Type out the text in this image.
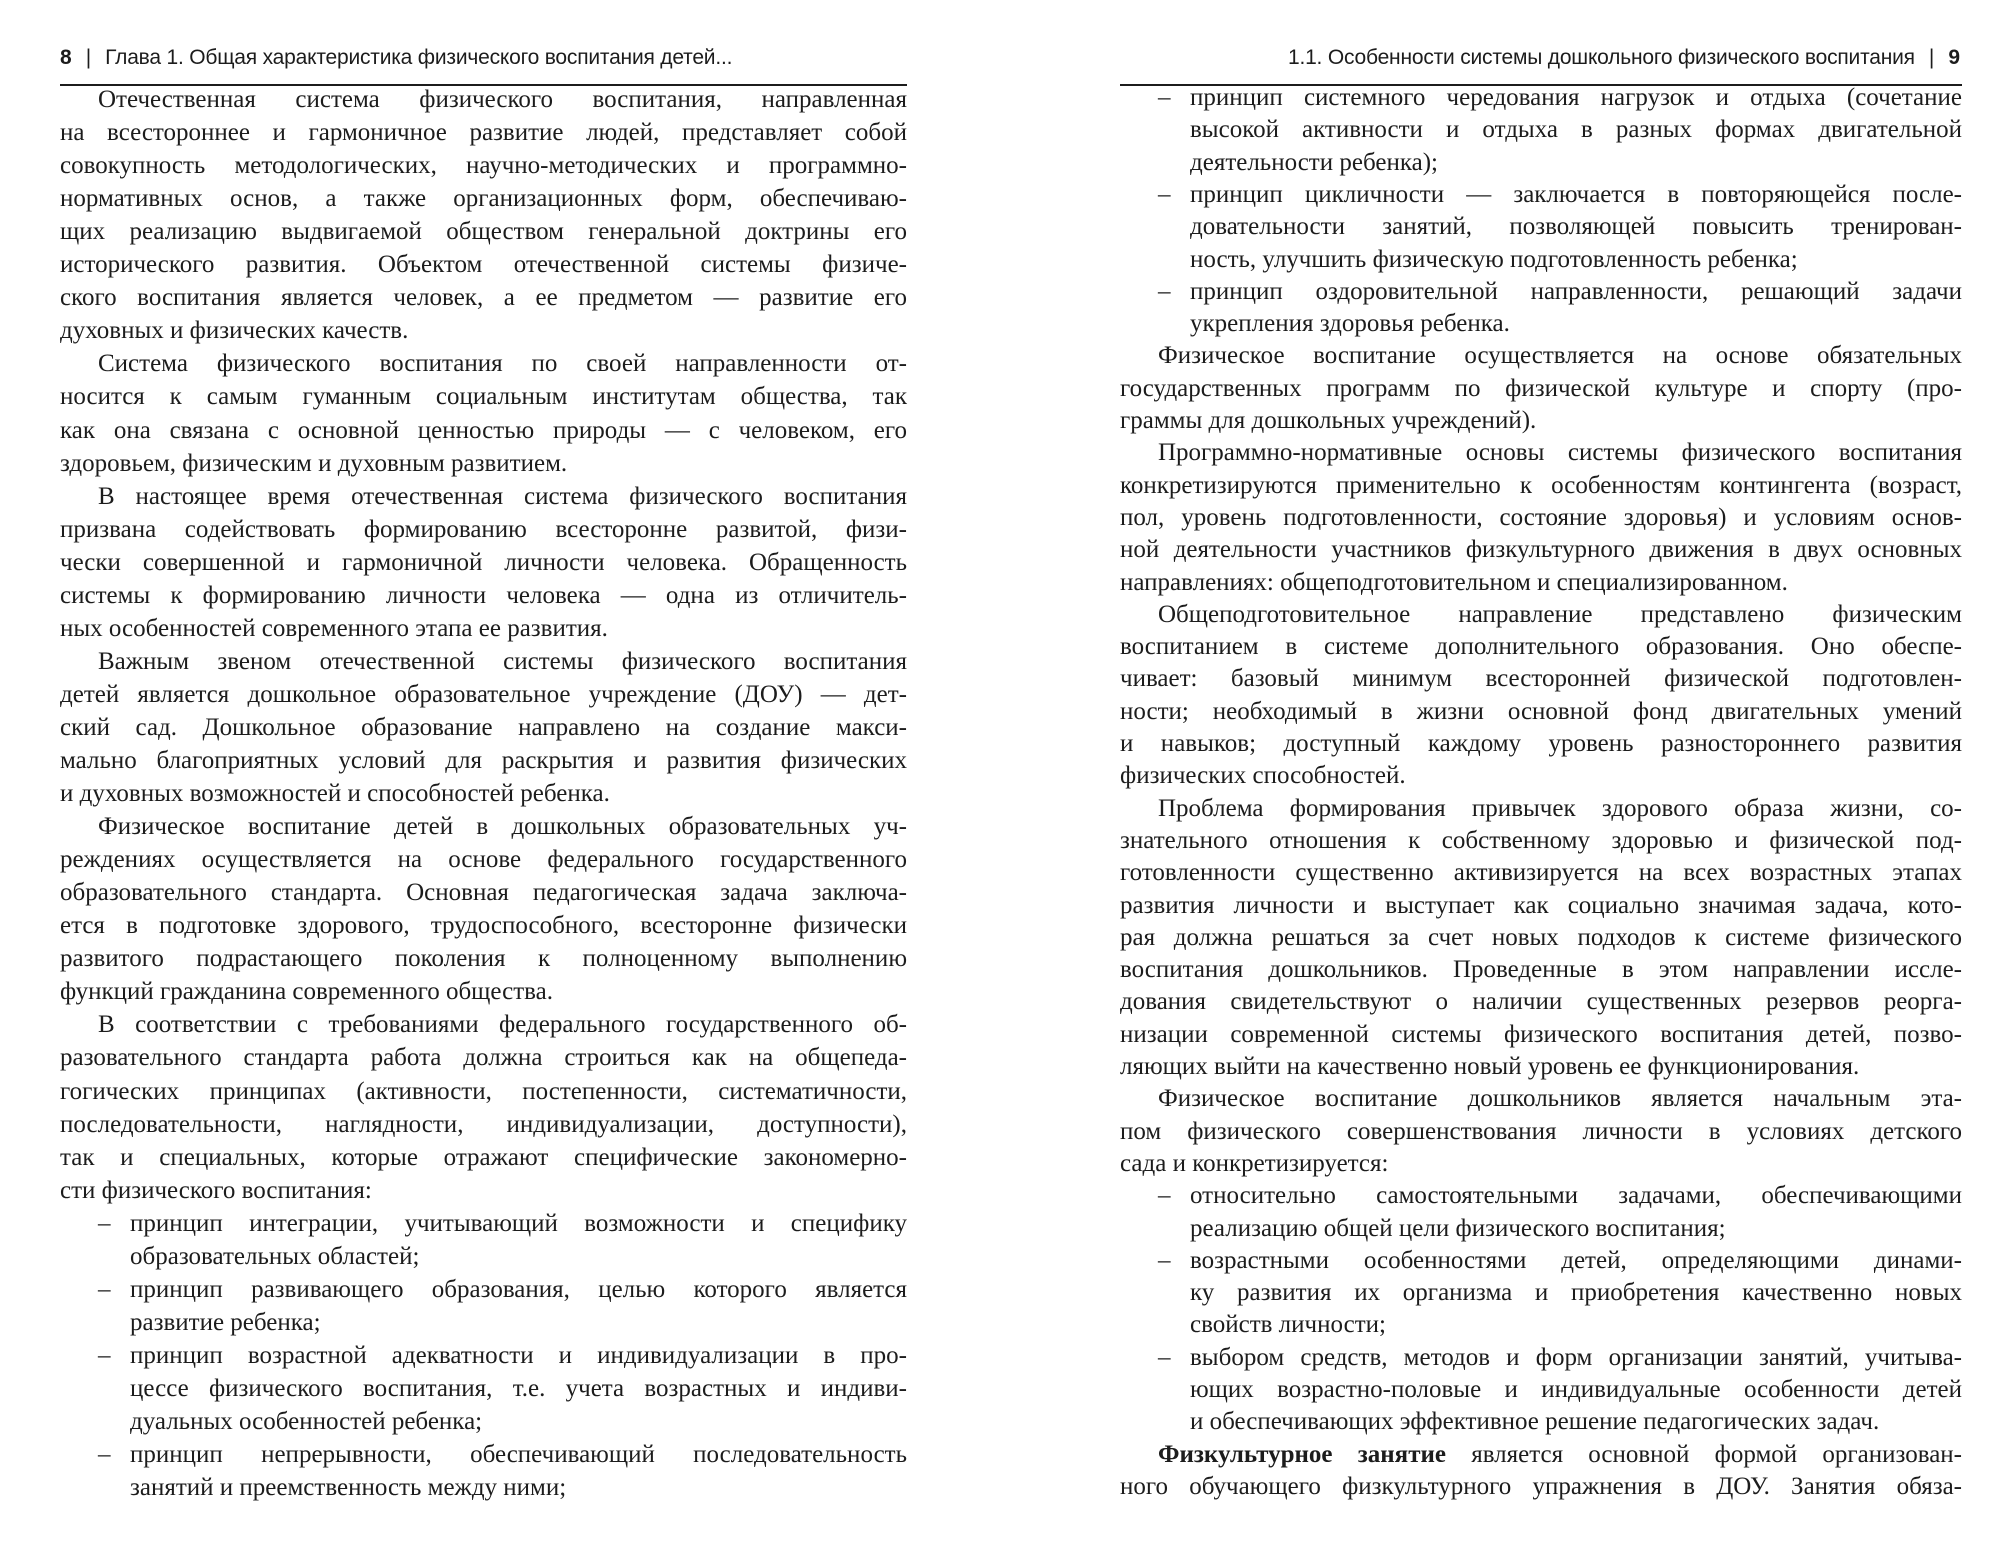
8 | Глава 1. Общая характеристика физического воспитания детей...
Отечественная система физического воспитания, направленная
на всестороннее и гармоничное развитие людей, представляет собой
совокупность методологических, научно-методических и программно-
нормативных основ, а также организационных форм, обеспечиваю-
щих реализацию выдвигаемой обществом генеральной доктрины его
исторического развития. Объектом отечественной системы физиче-
ского воспитания является человек, а ее предметом — развитие его
духовных и физических качеств.
Система физического воспитания по своей направленности от-
носится к самым гуманным социальным институтам общества, так
как она связана с основной ценностью природы — с человеком, его
здоровьем, физическим и духовным развитием.
В настоящее время отечественная система физического воспитания
призвана содействовать формированию всесторонне развитой, физи-
чески совершенной и гармоничной личности человека. Обращенность
системы к формированию личности человека — одна из отличитель-
ных особенностей современного этапа ее развития.
Важным звеном отечественной системы физического воспитания
детей является дошкольное образовательное учреждение (ДОУ) — дет-
ский сад. Дошкольное образование направлено на создание макси-
мально благоприятных условий для раскрытия и развития физических
и духовных возможностей и способностей ребенка.
Физическое воспитание детей в дошкольных образовательных уч-
реждениях осуществляется на основе федерального государственного
образовательного стандарта. Основная педагогическая задача заключа-
ется в подготовке здорового, трудоспособного, всесторонне физически
развитого подрастающего поколения к полноценному выполнению
функций гражданина современного общества.
В соответствии с требованиями федерального государственного об-
разовательного стандарта работа должна строиться как на общепеда-
гогических принципах (активности, постепенности, систематичности,
последовательности, наглядности, индивидуализации, доступности),
так и специальных, которые отражают специфические закономерно-
сти физического воспитания:
– принцип интеграции, учитывающий возможности и специфику
образовательных областей;
– принцип развивающего образования, целью которого является
развитие ребенка;
– принцип возрастной адекватности и индивидуализации в про-
цессе физического воспитания, т.е. учета возрастных и индиви-
дуальных особенностей ребенка;
– принцип непрерывности, обеспечивающий последовательность
занятий и преемственность между ними;
1.1. Особенности системы дошкольного физического воспитания | 9
– принцип системного чередования нагрузок и отдыха (сочетание
высокой активности и отдыха в разных формах двигательной
деятельности ребенка);
– принцип цикличности — заключается в повторяющейся после-
довательности занятий, позволяющей повысить тренирован-
ность, улучшить физическую подготовленность ребенка;
– принцип оздоровительной направленности, решающий задачи
укрепления здоровья ребенка.
Физическое воспитание осуществляется на основе обязательных
государственных программ по физической культуре и спорту (про-
граммы для дошкольных учреждений).
Программно-нормативные основы системы физического воспитания
конкретизируются применительно к особенностям контингента (возраст,
пол, уровень подготовленности, состояние здоровья) и условиям основ-
ной деятельности участников физкультурного движения в двух основных
направлениях: общеподготовительном и специализированном.
Общеподготовительное направление представлено физическим
воспитанием в системе дополнительного образования. Оно обеспе-
чивает: базовый минимум всесторонней физической подготовлен-
ности; необходимый в жизни основной фонд двигательных умений
и навыков; доступный каждому уровень разностороннего развития
физических способностей.
Проблема формирования привычек здорового образа жизни, со-
знательного отношения к собственному здоровью и физической под-
готовленности существенно активизируется на всех возрастных этапах
развития личности и выступает как социально значимая задача, кото-
рая должна решаться за счет новых подходов к системе физического
воспитания дошкольников. Проведенные в этом направлении иссле-
дования свидетельствуют о наличии существенных резервов реорга-
низации современной системы физического воспитания детей, позво-
ляющих выйти на качественно новый уровень ее функционирования.
Физическое воспитание дошкольников является начальным эта-
пом физического совершенствования личности в условиях детского
сада и конкретизируется:
– относительно самостоятельными задачами, обеспечивающими
реализацию общей цели физического воспитания;
– возрастными особенностями детей, определяющими динами-
ку развития их организма и приобретения качественно новых
свойств личности;
– выбором средств, методов и форм организации занятий, учитыва-
ющих возрастно-половые и индивидуальные особенности детей
и обеспечивающих эффективное решение педагогических задач.
Физкультурное занятие является основной формой организован-
ного обучающего физкультурного упражнения в ДОУ. Занятия обяза-
